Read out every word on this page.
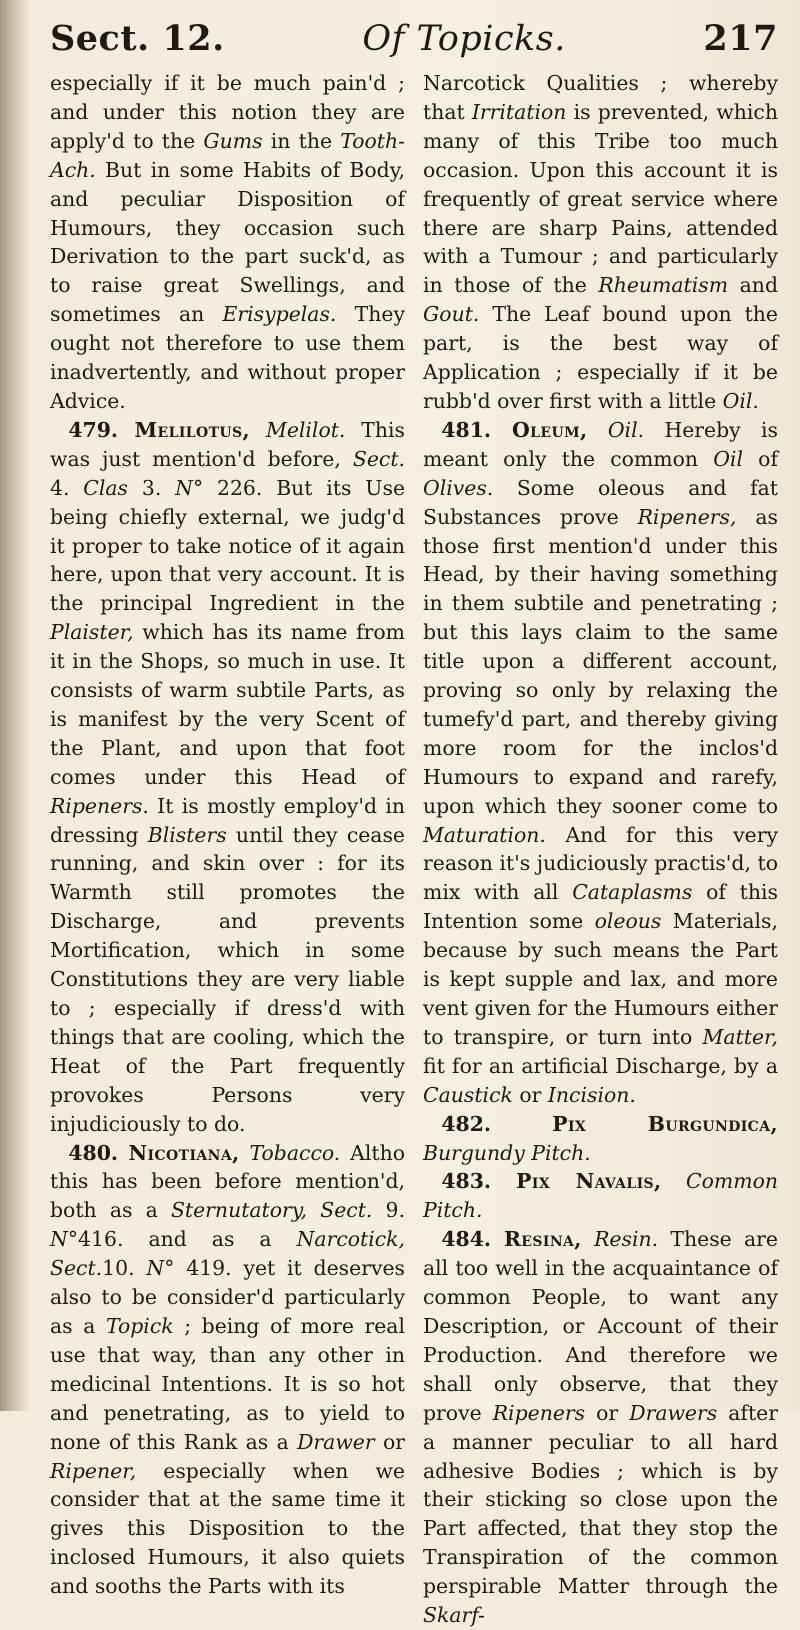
Sect. 12.	Of Topicks.	217

especially if it be much pain'd ; and under this notion they are apply'd to the Gums in the Tooth-Ach. But in some Habits of Body, and peculiar Disposition of Humours, they occasion such Derivation to the part suck'd, as to raise great Swellings, and sometimes an Erisypelas. They ought not therefore to use them inadvertently, and without proper Advice.

479. Melilotus, Melilot. This was just mention'd before, Sect. 4. Clas 3. N° 226. But its Use being chiefly external, we judg'd it proper to take notice of it again here, upon that very account. It is the principal Ingredient in the Plaister, which has its name from it in the Shops, so much in use. It consists of warm subtile Parts, as is manifest by the very Scent of the Plant, and upon that foot comes under this Head of Ripeners. It is mostly employ'd in dressing Blisters until they cease running, and skin over : for its Warmth still promotes the Discharge, and prevents Mortification, which in some Constitutions they are very liable to ; especially if dress'd with things that are cooling, which the Heat of the Part frequently provokes Persons very injudiciously to do.

480. Nicotiana, Tobacco. Altho this has been before mention'd, both as a Sternutatory, Sect. 9. N°416. and as a Narcotick, Sect.10. N° 419. yet it deserves also to be consider'd particularly as a Topick ; being of more real use that way, than any other in medicinal Intentions. It is so hot and penetrating, as to yield to none of this Rank as a Drawer or Ripener, especially when we consider that at the same time it gives this Disposition to the inclosed Humours, it also quiets and sooths the Parts with its

Narcotick Qualities ; whereby that Irritation is prevented, which many of this Tribe too much occasion. Upon this account it is frequently of great service where there are sharp Pains, attended with a Tumour ; and particularly in those of the Rheumatism and Gout. The Leaf bound upon the part, is the best way of Application ; especially if it be rubb'd over first with a little Oil.

481. Oleum, Oil. Hereby is meant only the common Oil of Olives. Some oleous and fat Substances prove Ripeners, as those first mention'd under this Head, by their having something in them subtile and penetrating ; but this lays claim to the same title upon a different account, proving so only by relaxing the tumefy'd part, and thereby giving more room for the inclos'd Humours to expand and rarefy, upon which they sooner come to Maturation. And for this very reason it's judiciously practis'd, to mix with all Cataplasms of this Intention some oleous Materials, because by such means the Part is kept supple and lax, and more vent given for the Humours either to transpire, or turn into Matter, fit for an artificial Discharge, by a Caustick or Incision.

482. Pix Burgundica, Burgundy Pitch.

483. Pix Navalis, Common Pitch.

484. Resina, Resin. These are all too well in the acquaintance of common People, to want any Description, or Account of their Production. And therefore we shall only observe, that they prove Ripeners or Drawers after a manner peculiar to all hard adhesive Bodies ; which is by their sticking so close upon the Part affected, that they stop the Transpiration of the common perspirable Matter through the Skarf-
